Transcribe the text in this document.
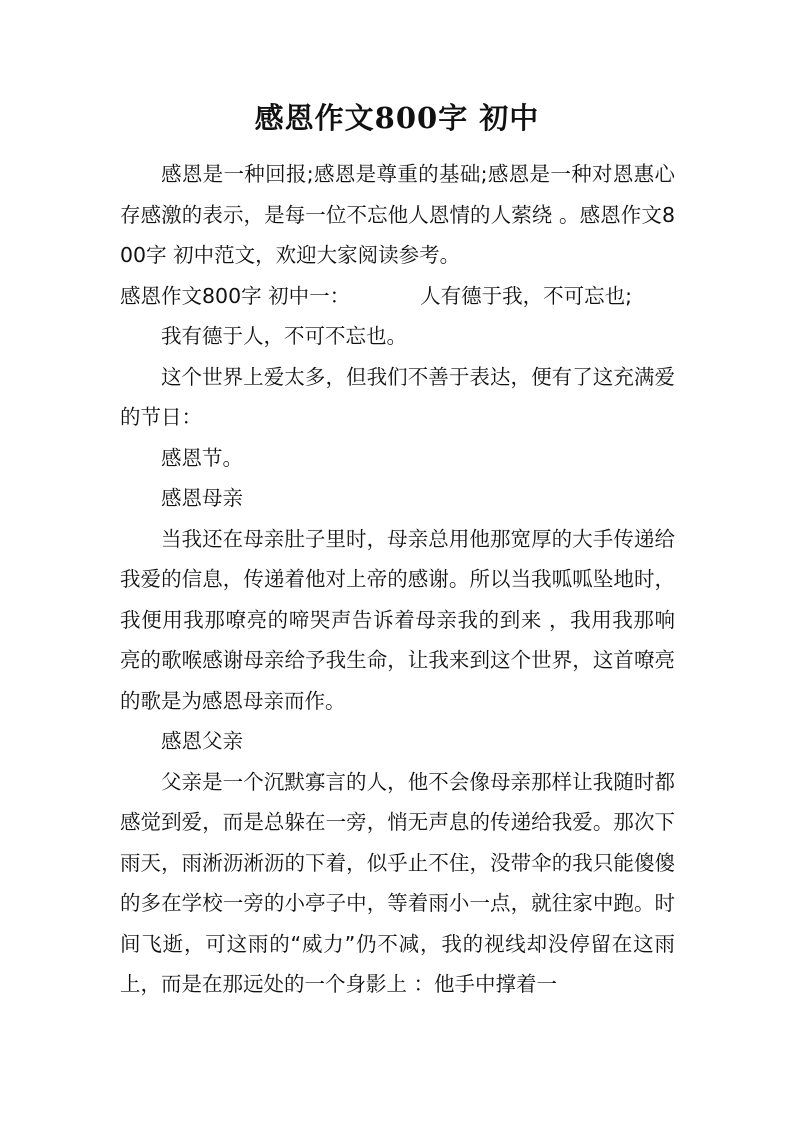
感恩作文800字 初中

感恩是一种回报;感恩是尊重的基础;感恩是一种对恩惠心存感激的表示，是每一位不忘他人恩情的人萦绕 。感恩作文800字 初中范文，欢迎大家阅读参考。

感恩作文800字 初中一：	人有德于我，不可忘也;

我有德于人，不可不忘也。

这个世界上爱太多，但我们不善于表达，便有了这充满爱的节日：

感恩节。

感恩母亲

当我还在母亲肚子里时，母亲总用他那宽厚的大手传递给我爱的信息，传递着他对上帝的感谢。所以当我呱呱坠地时，我便用我那嘹亮的啼哭声告诉着母亲我的到来 ，我用我那响亮的歌喉感谢母亲给予我生命，让我来到这个世界，这首嘹亮的歌是为感恩母亲而作。

感恩父亲

父亲是一个沉默寡言的人，他不会像母亲那样让我随时都感觉到爱，而是总躲在一旁，悄无声息的传递给我爱。那次下雨天，雨淅沥淅沥的下着，似乎止不住，没带伞的我只能傻傻的多在学校一旁的小亭子中，等着雨小一点，就往家中跑。时间飞逝，可这雨的“威力”仍不减，我的视线却没停留在这雨上，而是在那远处的一个身影上 ：他手中撑着一
